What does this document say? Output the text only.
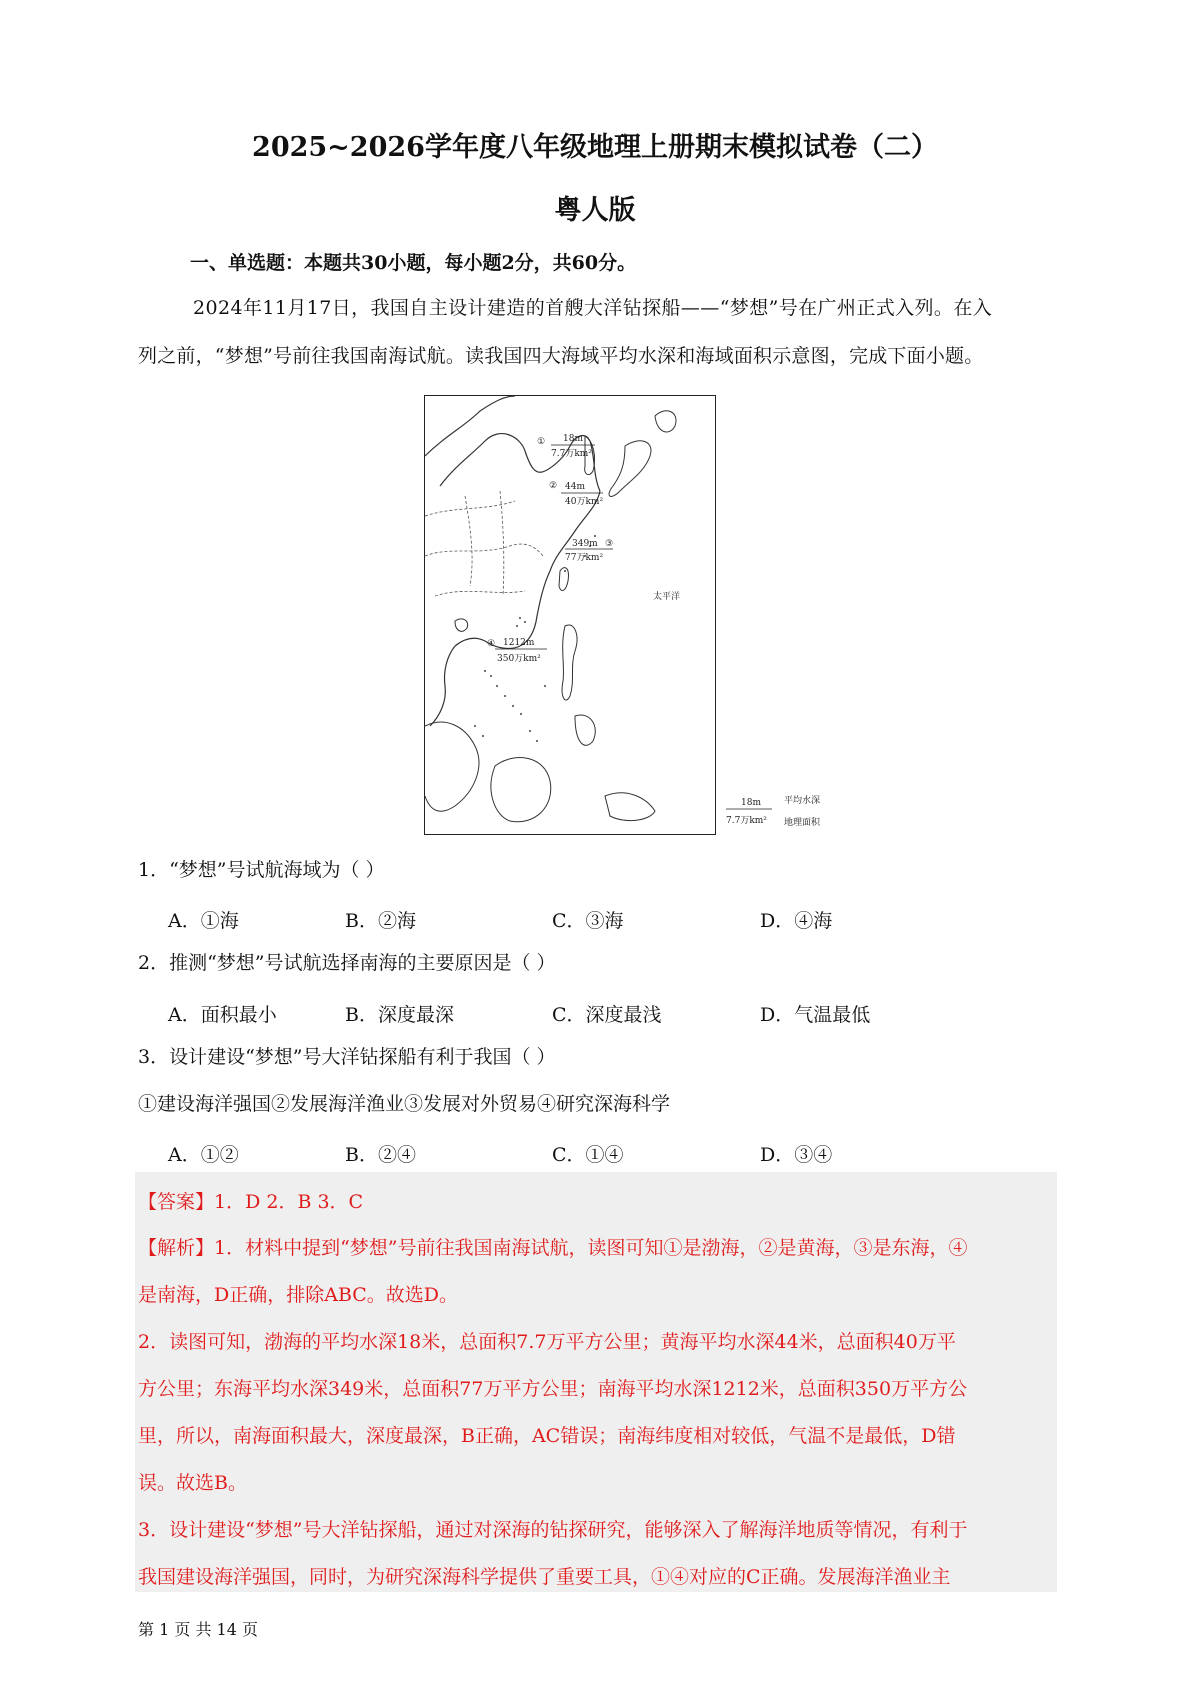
2025~2026学年度八年级地理上册期末模拟试卷（二）
粤人版
一、单选题：本题共30小题，每小题2分，共60分。
2024年11月17日，我国自主设计建造的首艘大洋钻探船——“梦想”号在广州正式入列。在入
列之前，“梦想”号前往我国南海试航。读我国四大海域平均水深和海域面积示意图，完成下面小题。
① 18m
7.7万km²
② 44m
40万km²
349m ③
77万km²
太平洋
④ 1212m
350万km²
18m
7.7万km²
平均水深
地理面积
1．“梦想”号试航海域为（ ）
A．①海	B．②海	C．③海	D．④海
2．推测“梦想”号试航选择南海的主要原因是（ ）
A．面积最小	B．深度最深	C．深度最浅	D．气温最低
3．设计建设“梦想”号大洋钻探船有利于我国（ ）
①建设海洋强国②发展海洋渔业③发展对外贸易④研究深海科学
A．①②	B．②④	C．①④	D．③④
【答案】1．D 2．B 3．C
【解析】1．材料中提到“梦想”号前往我国南海试航，读图可知①是渤海，②是黄海，③是东海，④
是南海，D正确，排除ABC。故选D。
2．读图可知，渤海的平均水深18米，总面积7.7万平方公里；黄海平均水深44米，总面积40万平
方公里；东海平均水深349米，总面积77万平方公里；南海平均水深1212米，总面积350万平方公
里，所以，南海面积最大，深度最深，B正确，AC错误；南海纬度相对较低，气温不是最低，D错
误。故选B。
3．设计建设“梦想”号大洋钻探船，通过对深海的钻探研究，能够深入了解海洋地质等情况，有利于
我国建设海洋强国，同时，为研究深海科学提供了重要工具，①④对应的C正确。发展海洋渔业主
第 1 页 共 14 页
